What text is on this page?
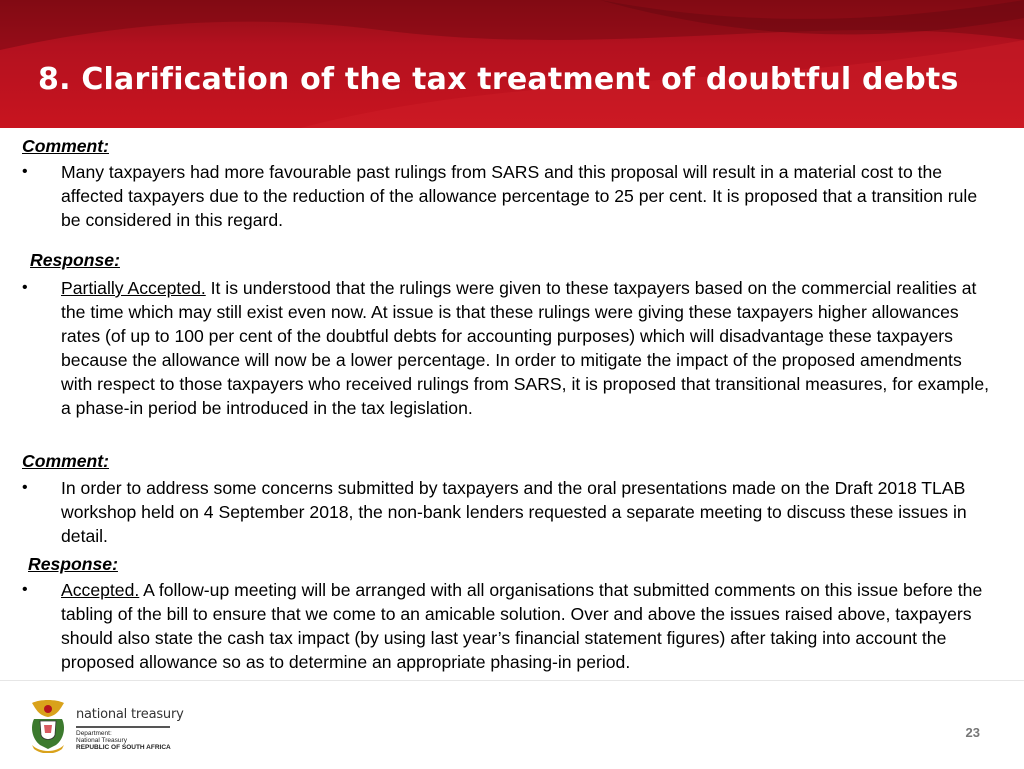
8. Clarification of the tax treatment of doubtful debts
Comment:
•	Many taxpayers had more favourable past rulings from SARS and this proposal will result in a material cost to the affected taxpayers due to the reduction of the allowance percentage to 25 per cent. It is proposed that a transition rule be considered in this regard.
Response:
•	Partially Accepted. It is understood that the rulings were given to these taxpayers based on the commercial realities at the time which may still exist even now. At issue is that these rulings were giving these taxpayers higher allowances rates (of up to 100 per cent of the doubtful debts for accounting purposes) which will disadvantage these taxpayers because the allowance will now be a lower percentage. In order to mitigate the impact of the proposed amendments with respect to those taxpayers who received rulings from SARS, it is proposed that transitional measures, for example, a phase-in period be introduced in the tax legislation.
Comment:
•	In order to address some concerns submitted by taxpayers and the oral presentations made on the Draft 2018 TLAB workshop held on 4 September 2018, the non-bank lenders requested a separate meeting to discuss these issues in detail.
Response:
•	Accepted. A follow-up meeting will be arranged with all organisations that submitted comments on this issue before the tabling of the bill to ensure that we come to an amicable solution. Over and above the issues raised above, taxpayers should also state the cash tax impact (by using last year’s financial statement figures) after taking into account the proposed allowance so as to determine an appropriate phasing-in period.
national treasury
Department:
National Treasury
REPUBLIC OF SOUTH AFRICA
23
